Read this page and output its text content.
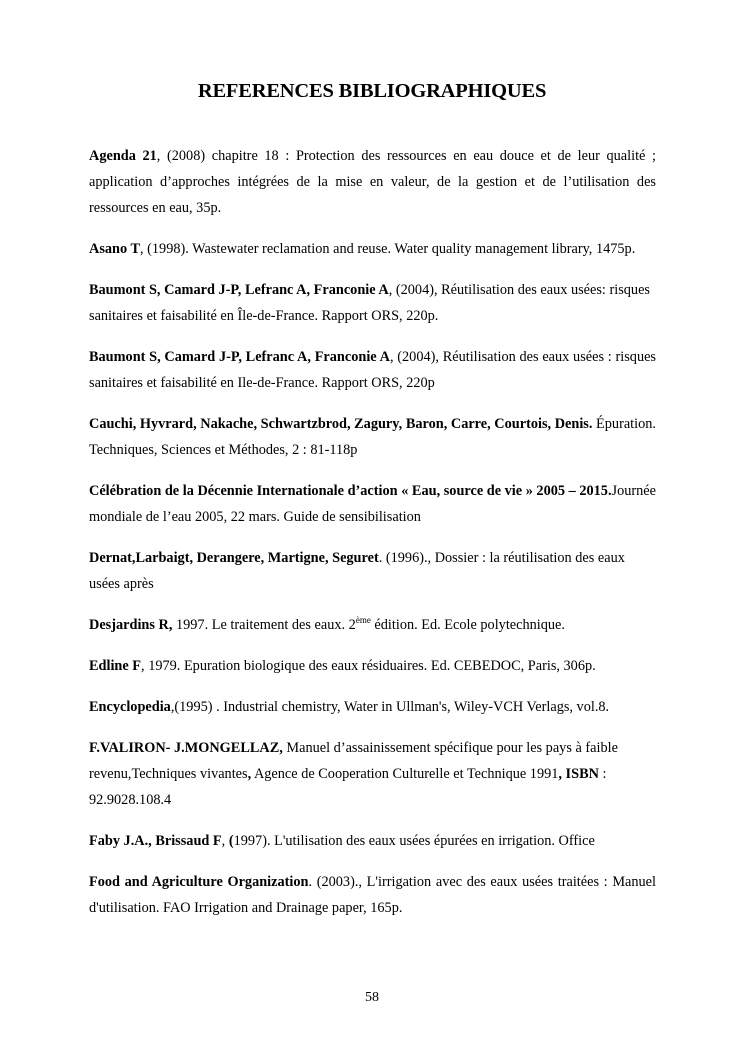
REFERENCES BIBLIOGRAPHIQUES

Agenda 21, (2008) chapitre 18 : Protection des ressources en eau douce et de leur qualité ; application d’approches intégrées de la mise en valeur, de la gestion et de l’utilisation des ressources en eau, 35p.

Asano T, (1998). Wastewater reclamation and reuse. Water quality management library, 1475p.

Baumont S, Camard J-P, Lefranc A, Franconie A, (2004), Réutilisation des eaux usées: risques sanitaires et faisabilité en Île-de-France. Rapport ORS, 220p.

Baumont S, Camard J-P, Lefranc A, Franconie A, (2004), Réutilisation des eaux usées : risques sanitaires et faisabilité en Ile-de-France. Rapport ORS, 220p

Cauchi, Hyvrard, Nakache, Schwartzbrod, Zagury, Baron, Carre, Courtois, Denis. Épuration. Techniques, Sciences et Méthodes, 2 : 81-118p

Célébration de la Décennie Internationale d’action « Eau, source de vie » 2005 – 2015.Journée mondiale de l’eau 2005, 22 mars. Guide de sensibilisation

Dernat,Larbaigt, Derangere, Martigne, Seguret. (1996)., Dossier : la réutilisation des eaux usées après

Desjardins R, 1997. Le traitement des eaux. 2ème édition. Ed. Ecole polytechnique.

Edline F, 1979. Epuration biologique des eaux résiduaires. Ed. CEBEDOC, Paris, 306p.

Encyclopedia,(1995) . Industrial chemistry, Water in Ullman's, Wiley-VCH Verlags, vol.8.

F.VALIRON- J.MONGELLAZ, Manuel d’assainissement spécifique pour les pays à faible revenu,Techniques vivantes, Agence de Cooperation Culturelle et Technique 1991, ISBN : 92.9028.108.4

Faby J.A., Brissaud F, (1997). L'utilisation des eaux usées épurées en irrigation. Office

Food and Agriculture Organization. (2003)., L'irrigation avec des eaux usées traitées : Manuel d'utilisation. FAO Irrigation and Drainage paper, 165p.

58
